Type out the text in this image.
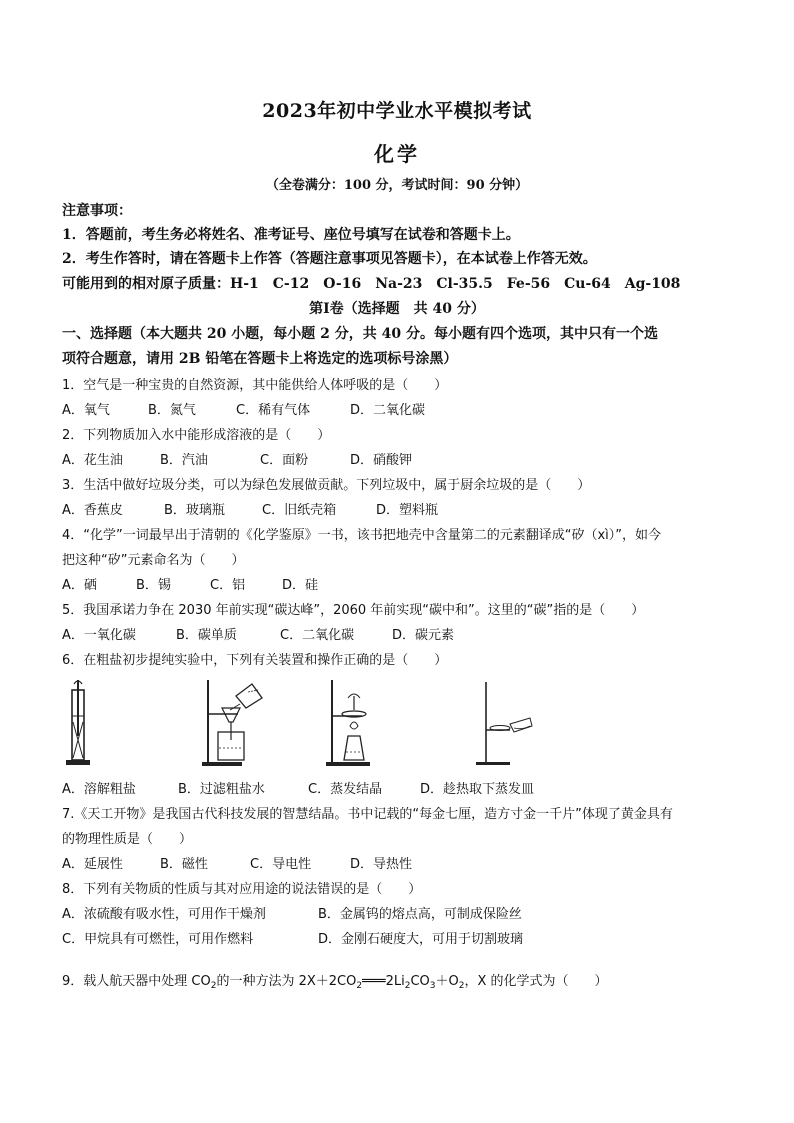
2023年初中学业水平模拟考试
化学
（全卷满分：100 分，考试时间：90 分钟）
注意事项：
1．答题前，考生务必将姓名、准考证号、座位号填写在试卷和答题卡上。
2．考生作答时，请在答题卡上作答（答题注意事项见答题卡），在本试卷上作答无效。
可能用到的相对原子质量：H-1　C-12　O-16　Na-23　Cl-35.5　Fe-56　Cu-64　Ag-108
第Ⅰ卷（选择题　共 40 分）
一、选择题（本大题共 20 小题，每小题 2 分，共 40 分。每小题有四个选项，其中只有一个选
项符合题意，请用 2B 铅笔在答题卡上将选定的选项标号涂黑）
1．空气是一种宝贵的自然资源，其中能供给人体呼吸的是（　　）
A．氧气	B．氮气	C．稀有气体	D．二氧化碳
2．下列物质加入水中能形成溶液的是（　　）
A．花生油	B．汽油	C．面粉	D．硝酸钾
3．生活中做好垃圾分类，可以为绿色发展做贡献。下列垃圾中，属于厨余垃圾的是（　　）
A．香蕉皮	B．玻璃瓶	C．旧纸壳箱	D．塑料瓶
4．“化学”一词最早出于清朝的《化学鉴原》一书，该书把地壳中含量第二的元素翻译成“矽（xì）”，如今
把这种“矽”元素命名为（　　）
A．硒	B．锡	C．铝	D．硅
5．我国承诺力争在 2030 年前实现“碳达峰”，2060 年前实现“碳中和”。这里的“碳”指的是（　　）
A．一氧化碳	B．碳单质	C．二氧化碳	D．碳元素
6．在粗盐初步提纯实验中，下列有关装置和操作正确的是（　　）
A．溶解粗盐	B．过滤粗盐水	C．蒸发结晶	D．趁热取下蒸发皿
7.《天工开物》是我国古代科技发展的智慧结晶。书中记载的“每金七厘，造方寸金一千片”体现了黄金具有
的物理性质是（　　）
A．延展性	B．磁性	C．导电性	D．导热性
8．下列有关物质的性质与其对应用途的说法错误的是（　　）
A．浓硫酸有吸水性，可用作干燥剂	B．金属钨的熔点高，可制成保险丝
C．甲烷具有可燃性，可用作燃料	D．金刚石硬度大，可用于切割玻璃
9．载人航天器中处理 $CO_2$的一种方法为 $2X+2CO_2═══2Li_2CO_3+O_2$，X 的化学式为（　　）
